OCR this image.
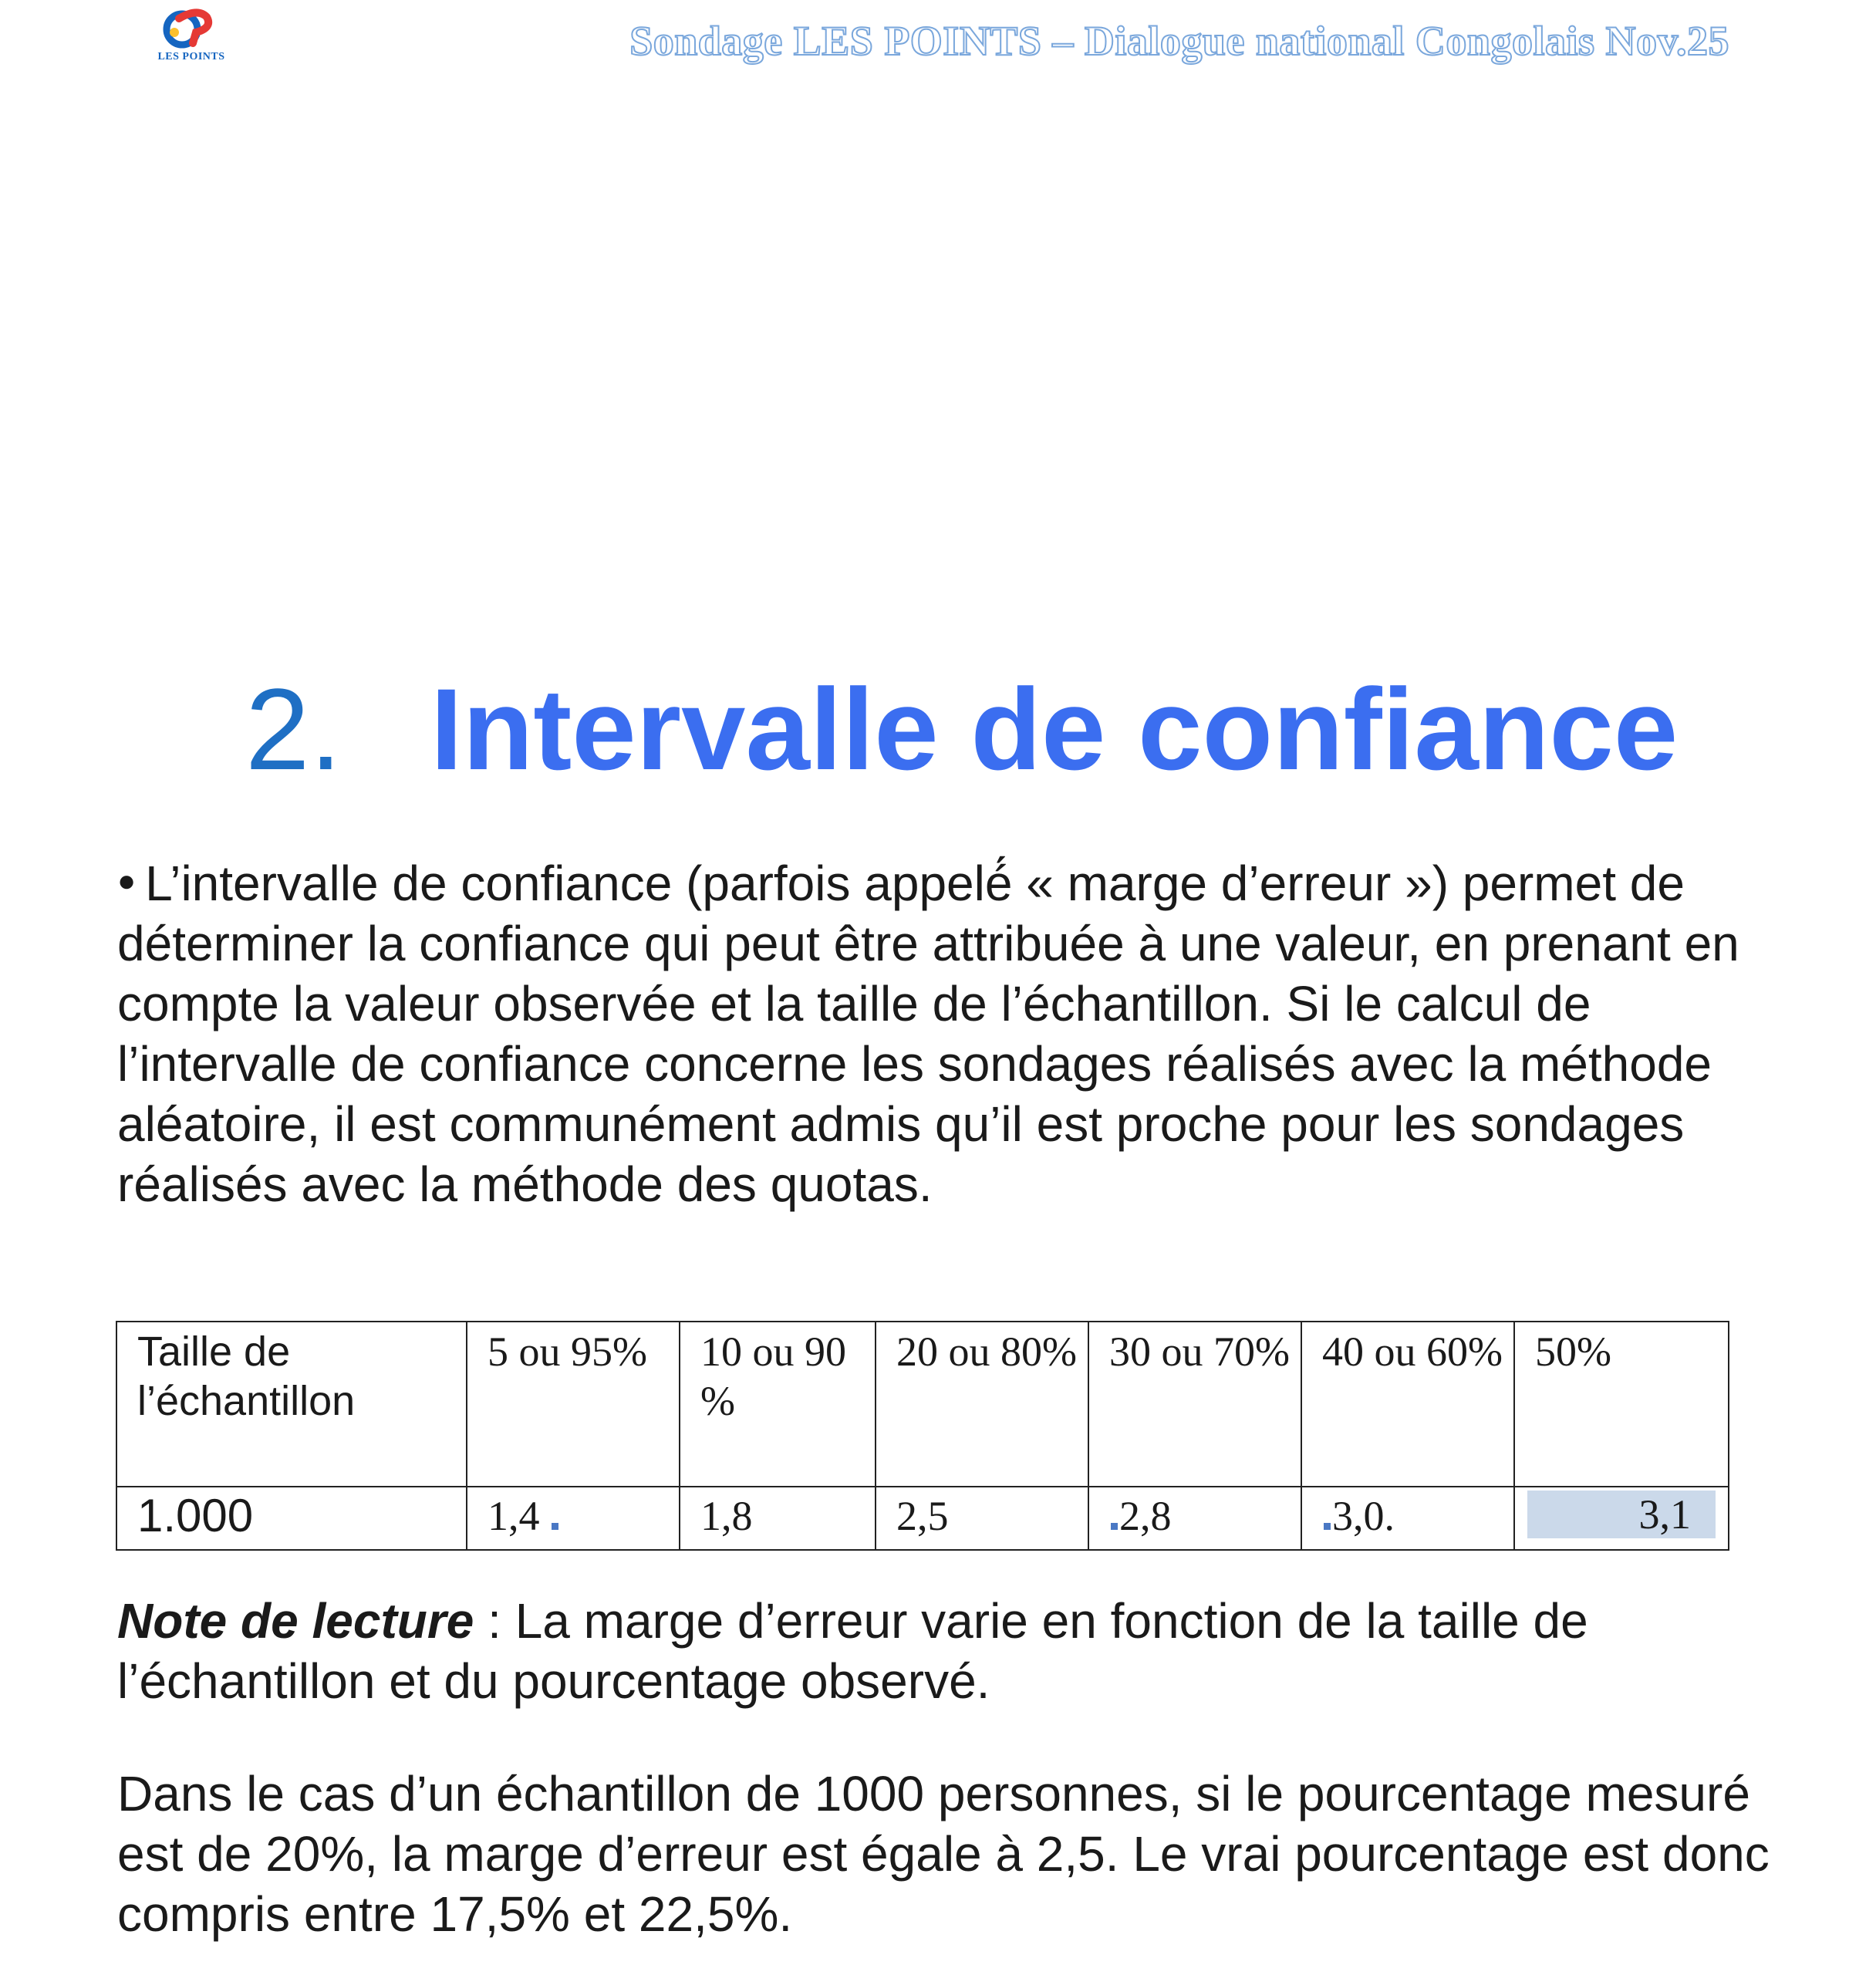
LES POINTS	Sondage LES POINTS – Dialogue national Congolais Nov.25
2. Intervalle de confiance
● L’intervalle de confiance (parfois appelé́ « marge d’erreur ») permet de déterminer la confiance qui peut être attribuée à une valeur, en prenant en compte la valeur observée et la taille de l’échantillon. Si le calcul de l’intervalle de confiance concerne les sondages réalisés avec la méthode aléatoire, il est communément admis qu’il est proche pour les sondages réalisés avec la méthode des quotas.
Taille de l’échantillon	5 ou 95%	10 ou 90 %	20 ou 80%	30 ou 70%	40 ou 60%	50%
1.000	1,4	1,8	2,5	2,8	3,0.	3,1
Note de lecture : La marge d’erreur varie en fonction de la taille de l’échantillon et du pourcentage observé.
Dans le cas d’un échantillon de 1000 personnes, si le pourcentage mesuré est de 20%, la marge d’erreur est égale à 2,5. Le vrai pourcentage est donc compris entre 17,5% et 22,5%.
